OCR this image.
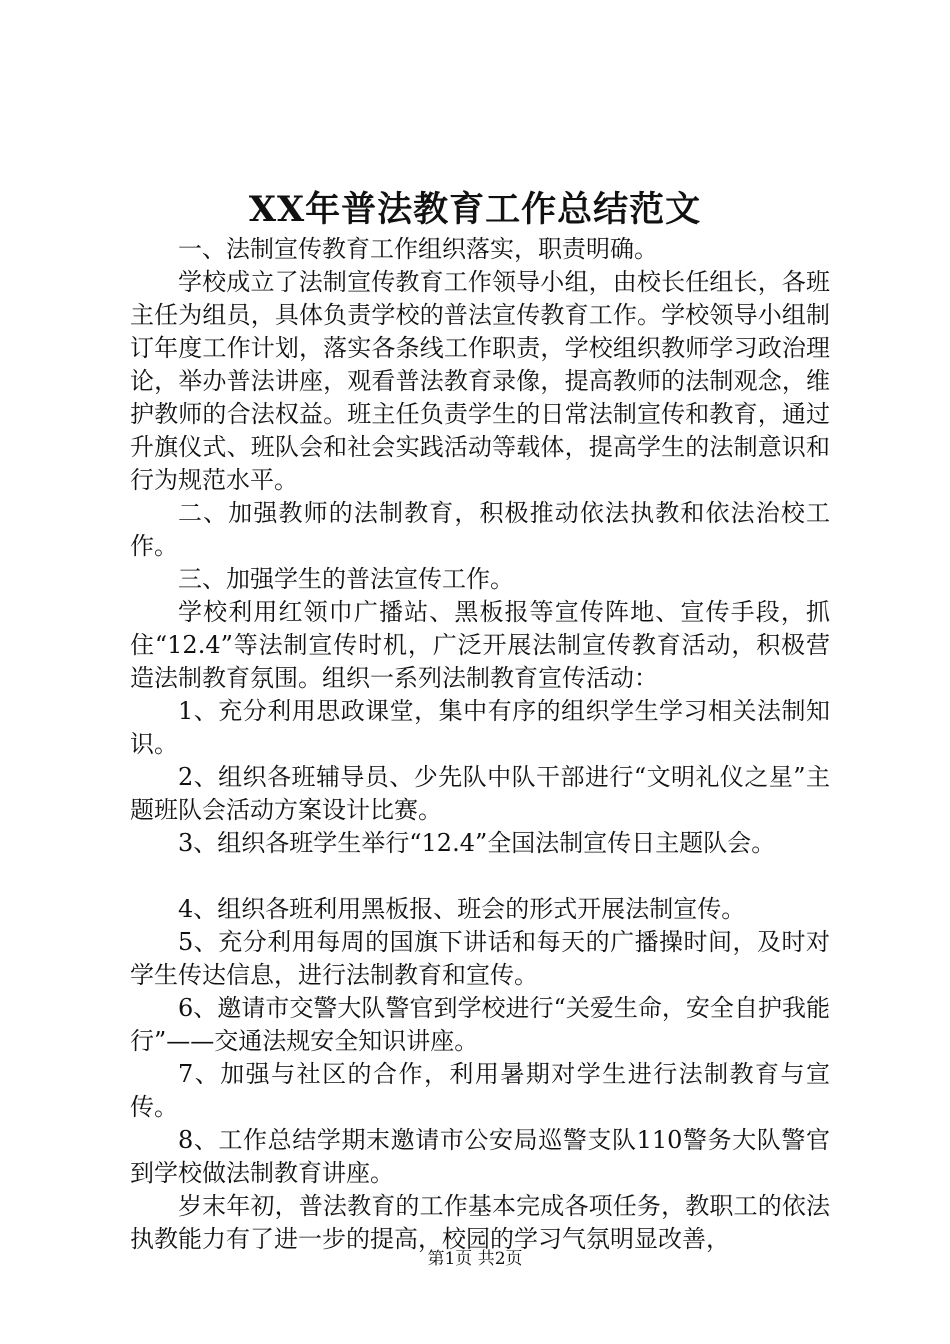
XX年普法教育工作总结范文

一、法制宣传教育工作组织落实，职责明确。

学校成立了法制宣传教育工作领导小组，由校长任组长，各班主任为组员，具体负责学校的普法宣传教育工作。学校领导小组制订年度工作计划，落实各条线工作职责，学校组织教师学习政治理论，举办普法讲座，观看普法教育录像，提高教师的法制观念，维护教师的合法权益。班主任负责学生的日常法制宣传和教育，通过升旗仪式、班队会和社会实践活动等载体，提高学生的法制意识和行为规范水平。

二、加强教师的法制教育，积极推动依法执教和依法治校工作。

三、加强学生的普法宣传工作。

学校利用红领巾广播站、黑板报等宣传阵地、宣传手段，抓住“12.4”等法制宣传时机，广泛开展法制宣传教育活动，积极营造法制教育氛围。组织一系列法制教育宣传活动：

1、充分利用思政课堂，集中有序的组织学生学习相关法制知识。

2、组织各班辅导员、少先队中队干部进行“文明礼仪之星”主题班队会活动方案设计比赛。

3、组织各班学生举行“12.4”全国法制宣传日主题队会。

4、组织各班利用黑板报、班会的形式开展法制宣传。

5、充分利用每周的国旗下讲话和每天的广播操时间，及时对学生传达信息，进行法制教育和宣传。

6、邀请市交警大队警官到学校进行“关爱生命，安全自护我能行”——交通法规安全知识讲座。

7、加强与社区的合作，利用暑期对学生进行法制教育与宣传。

8、工作总结学期末邀请市公安局巡警支队110警务大队警官到学校做法制教育讲座。

岁末年初，普法教育的工作基本完成各项任务，教职工的依法执教能力有了进一步的提高，校园的学习气氛明显改善，

第1页 共2页
